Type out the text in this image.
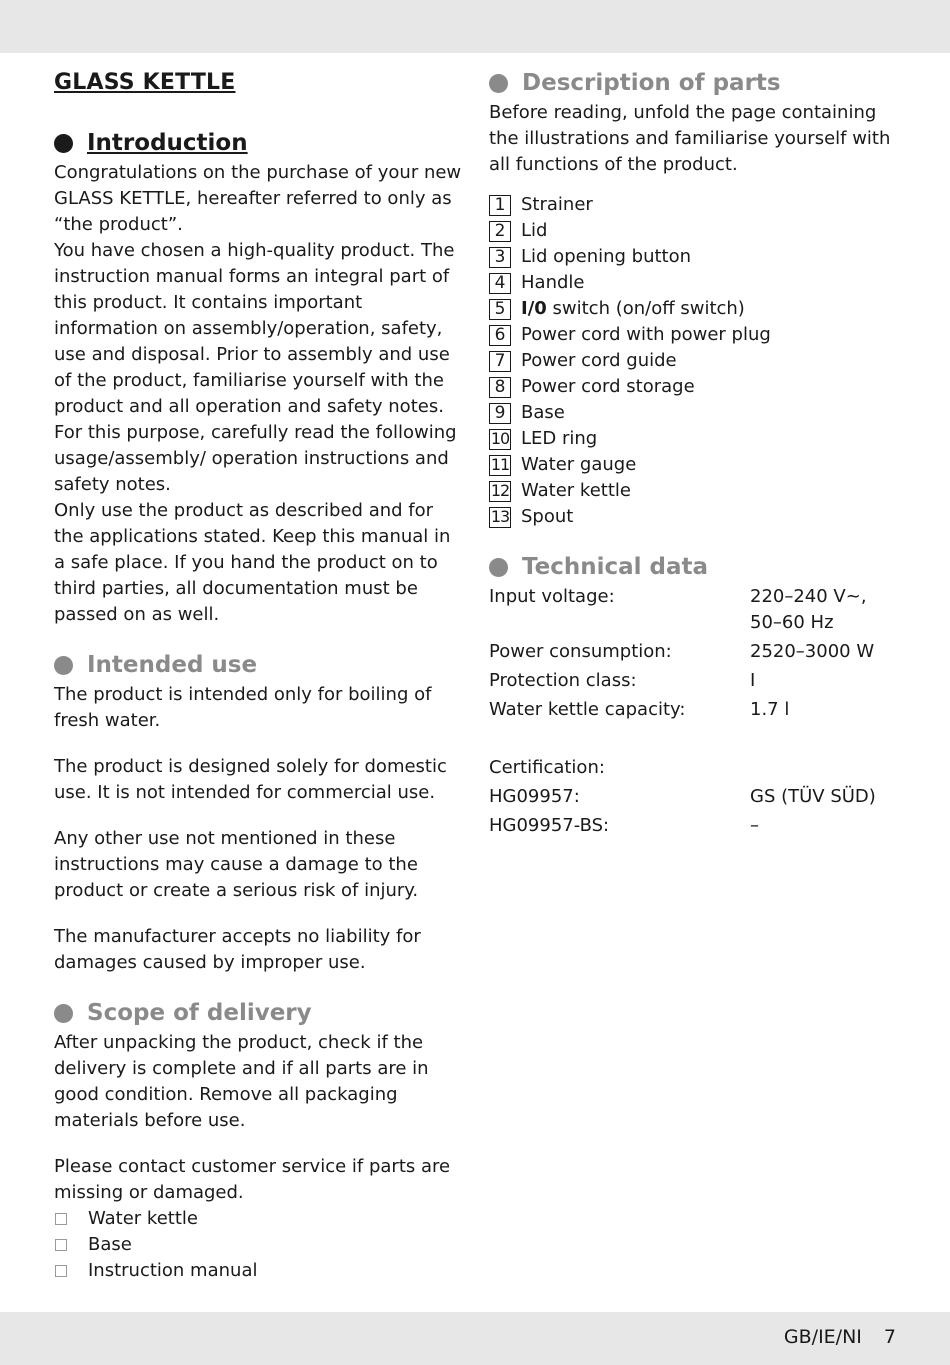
GLASS KETTLE
Introduction

Congratulations on the purchase of your new GLASS KETTLE, hereafter referred to only as “the product”.

You have chosen a high-quality product. The instruction manual forms an integral part of this product. It contains important information on assembly/operation, safety, use and disposal. Prior to assembly and use of the product, familiarise yourself with the product and all operation and safety notes. For this purpose, carefully read the following usage/assembly/ operation instructions and safety notes.

Only use the product as described and for the applications stated. Keep this manual in a safe place. If you hand the product on to third parties, all documentation must be passed on as well.

Intended use

The product is intended only for boiling of fresh water.

The product is designed solely for domestic use. It is not intended for commercial use.

Any other use not mentioned in these instructions may cause a damage to the product or create a serious risk of injury.

The manufacturer accepts no liability for damages caused by improper use.

Scope of delivery

After unpacking the product, check if the delivery is complete and if all parts are in good condition. Remove all packaging materials before use.

Please contact customer service if parts are missing or damaged.

Water kettle
Base
Instruction manual
Description of parts

Before reading, unfold the page containing the illustrations and familiarise yourself with all functions of the product.

1 Strainer
2 Lid
3 Lid opening button
4 Handle
5 I/0 switch (on/off switch)
6 Power cord with power plug
7 Power cord guide
8 Power cord storage
9 Base
10 LED ring
11 Water gauge
12 Water kettle
13 Spout
Technical data
Input voltage:	220–240 V~,
50–60 Hz
Power consumption:	2520–3000 W
Protection class:	I
Water kettle capacity:	1.7 l
Certification:
HG09957:	GS (TÜV SÜD)
HG09957-BS:	–
GB/IE/NI 7
